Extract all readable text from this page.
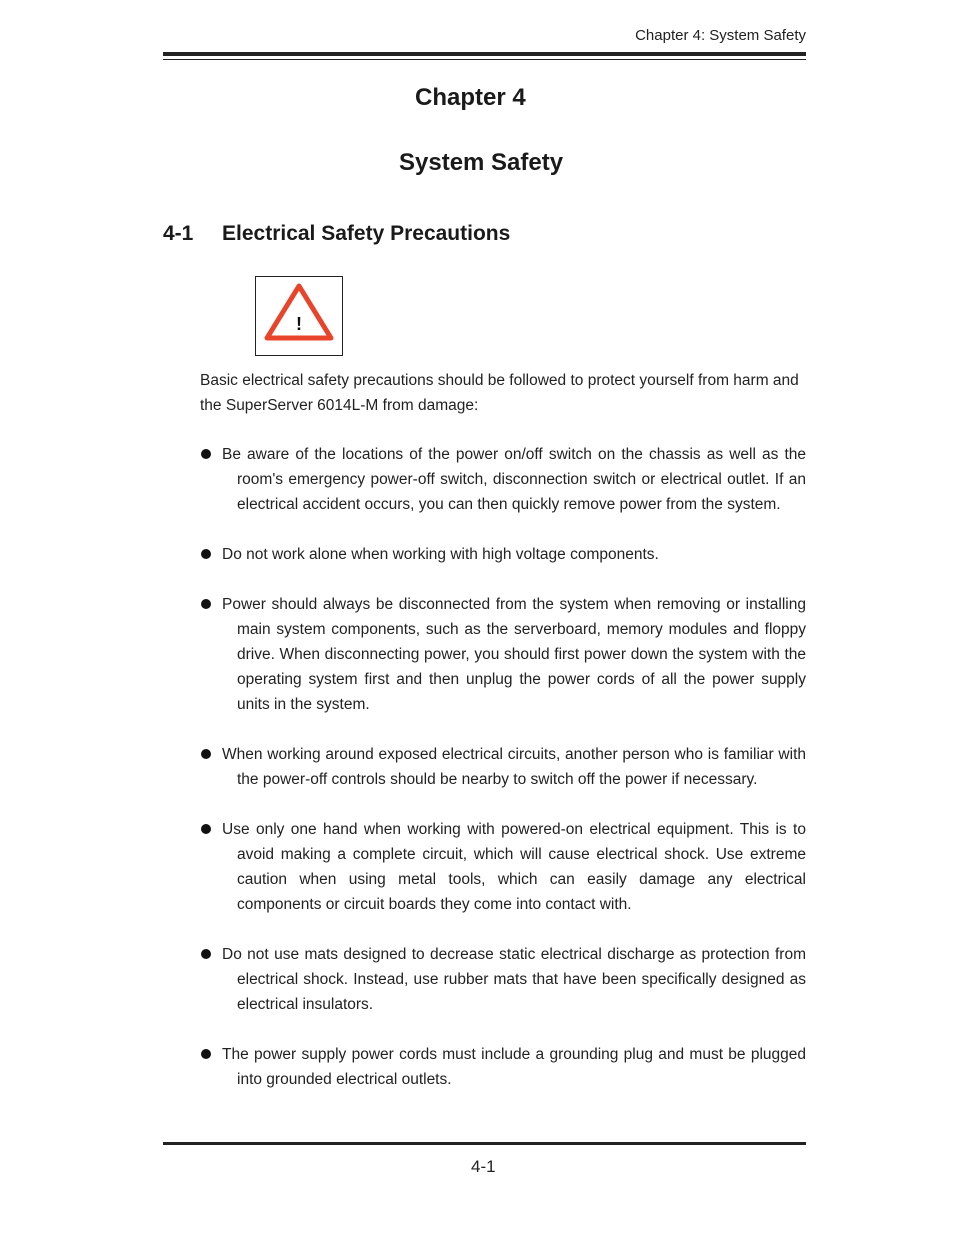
Chapter 4: System Safety
Chapter 4
System Safety
4-1 Electrical Safety Precautions
!
Basic electrical safety precautions should be followed to protect yourself from harm and the SuperServer 6014L-M from damage:
Be aware of the locations of the power on/off switch on the chassis as well as the room's emergency power-off switch, disconnection switch or electrical outlet. If an electrical accident occurs, you can then quickly remove power from the system.
Do not work alone when working with high voltage components.
Power should always be disconnected from the system when removing or installing main system components, such as the serverboard, memory modules and floppy drive. When disconnecting power, you should first power down the system with the operating system first and then unplug the power cords of all the power supply units in the system.
When working around exposed electrical circuits, another person who is familiar with the power-off controls should be nearby to switch off the power if necessary.
Use only one hand when working with powered-on electrical equipment. This is to avoid making a complete circuit, which will cause electrical shock. Use extreme caution when using metal tools, which can easily damage any electrical components or circuit boards they come into contact with.
Do not use mats designed to decrease static electrical discharge as protection from electrical shock. Instead, use rubber mats that have been specifically designed as electrical insulators.
The power supply power cords must include a grounding plug and must be plugged into grounded electrical outlets.
4-1
